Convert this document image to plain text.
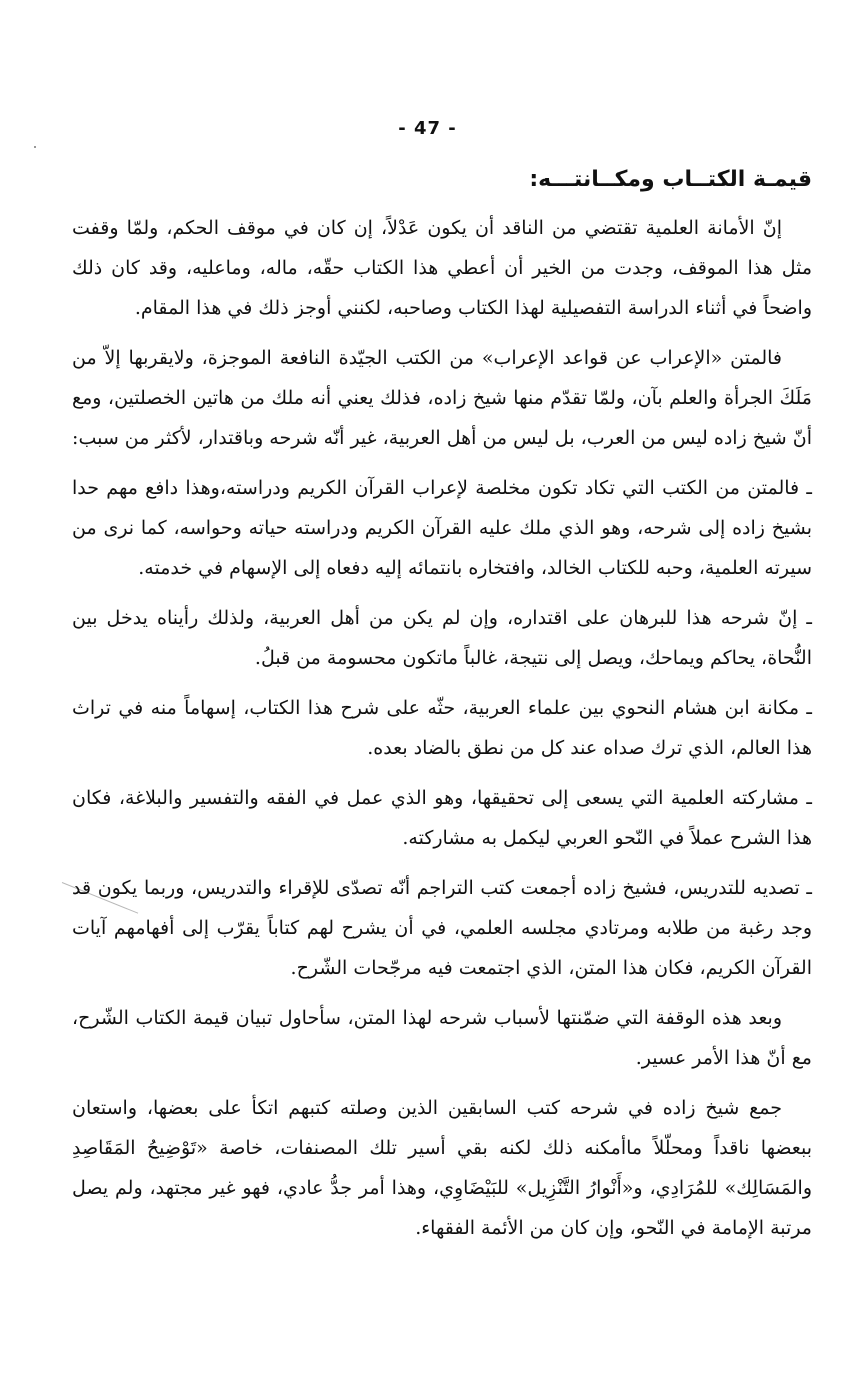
- 47 -
قيمـة الكتــاب ومكــانتـــه:

إنّ الأمانة العلمية تقتضي من الناقد أن يكون عَدْلاً، إن كان في موقف الحكم، ولمّا وقفت مثل هذا الموقف، وجدت من الخير أن أعطي هذا الكتاب حقّه، ماله، وماعليه، وقد كان ذلك واضحاً في أثناء الدراسة التفصيلية لهذا الكتاب وصاحبه، لكنني أوجز ذلك في هذا المقام.

فالمتن «الإعراب عن قواعد الإعراب» من الكتب الجيّدة النافعة الموجزة، ولايقربها إلاّ من مَلَكَ الجرأة والعلم بآن، ولمّا تقدّم منها شيخ زاده، فذلك يعني أنه ملك من هاتين الخصلتين، ومع أنّ شيخ زاده ليس من العرب، بل ليس من أهل العربية، غير أنّه شرحه وباقتدار، لأكثر من سبب:

ـ فالمتن من الكتب التي تكاد تكون مخلصة لإعراب القرآن الكريم ودراسته،وهذا دافع مهم حدا بشيخ زاده إلى شرحه، وهو الذي ملك عليه القرآن الكريم ودراسته حياته وحواسه، كما نرى من سيرته العلمية، وحبه للكتاب الخالد، وافتخاره بانتمائه إليه دفعاه إلى الإسهام في خدمته.

ـ إنّ شرحه هذا للبرهان على اقتداره، وإن لم يكن من أهل العربية، ولذلك رأيناه يدخل بين النُّحاة، يحاكم ويماحك، ويصل إلى نتيجة، غالباً ماتكون محسومة من قبلُ.

ـ مكانة ابن هشام النحوي بين علماء العربية، حثّه على شرح هذا الكتاب، إسهاماً منه في تراث هذا العالم، الذي ترك صداه عند كل من نطق بالضاد بعده.

ـ مشاركته العلمية التي يسعى إلى تحقيقها، وهو الذي عمل في الفقه والتفسير والبلاغة، فكان هذا الشرح عملاً في النّحو العربي ليكمل به مشاركته.

ـ تصديه للتدريس، فشيخ زاده أجمعت كتب التراجم أنّه تصدّى للإقراء والتدريس، وربما يكون قد وجد رغبة من طلابه ومرتادي مجلسه العلمي، في أن يشرح لهم كتاباً يقرّب إلى أفهامهم آيات القرآن الكريم، فكان هذا المتن، الذي اجتمعت فيه مرجّحات الشّرح.

وبعد هذه الوقفة التي ضمّنتها لأسباب شرحه لهذا المتن، سأحاول تبيان قيمة الكتاب الشّرح، مع أنّ هذا الأمر عسير.

جمع شيخ زاده في شرحه كتب السابقين الذين وصلته كتبهم اتكأ على بعضها، واستعان ببعضها ناقداً ومحلّلاً ماأمكنه ذلك لكنه بقي أسير تلك المصنفات، خاصة «تَوْضِيحُ المَقَاصِدِ والمَسَالِك» للمُرَادِي، و«أَنْوارُ التَّنْزِيل» للبَيْضَاوِي، وهذا أمر جدُّ عادي، فهو غير مجتهد، ولم يصل مرتبة الإمامة في النّحو، وإن كان من الأئمة الفقهاء.
